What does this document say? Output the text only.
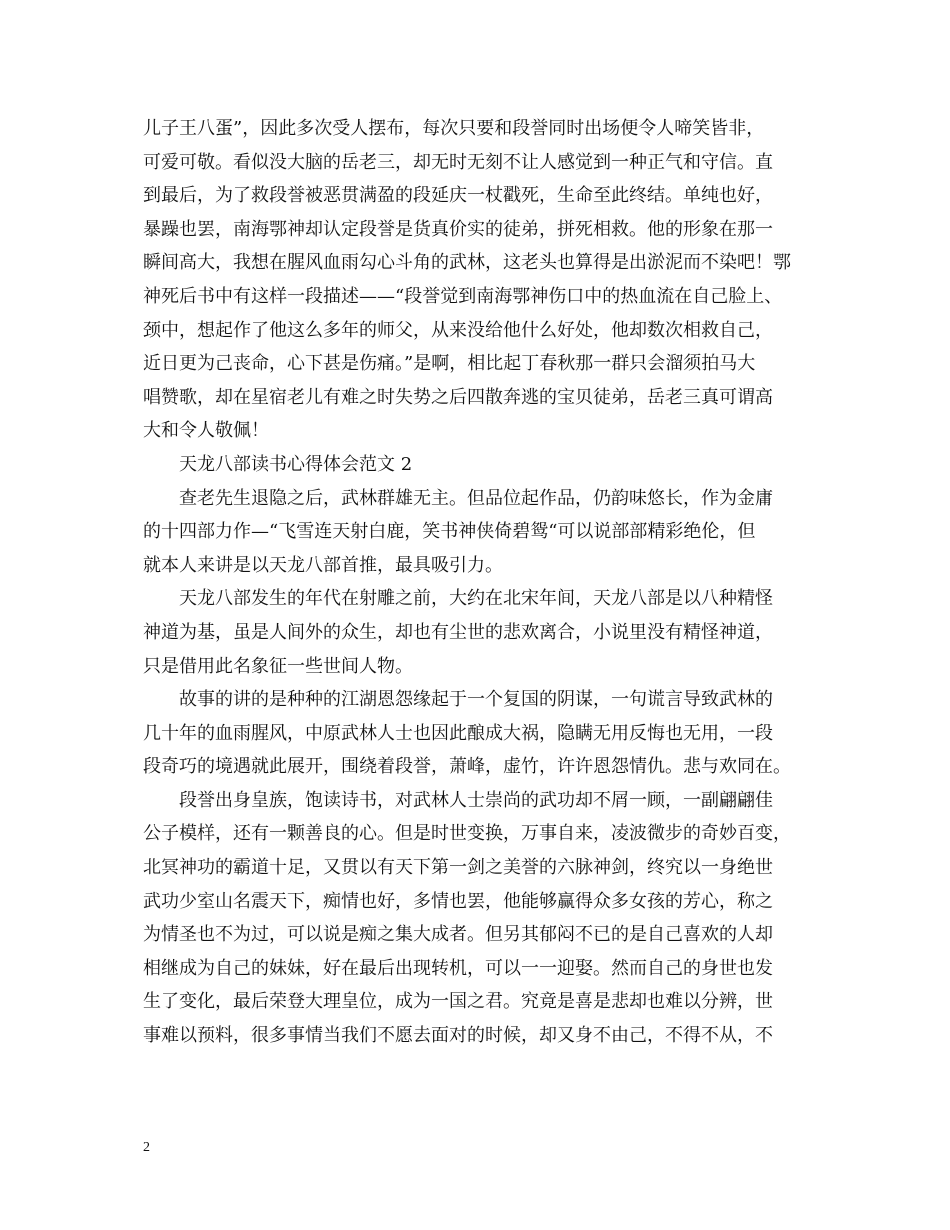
儿子王八蛋”，因此多次受人摆布，每次只要和段誉同时出场便令人啼笑皆非，
可爱可敬。看似没大脑的岳老三，却无时无刻不让人感觉到一种正气和守信。直
到最后，为了救段誉被恶贯满盈的段延庆一杖戳死，生命至此终结。单纯也好，
暴躁也罢，南海鄂神却认定段誉是货真价实的徒弟，拼死相救。他的形象在那一
瞬间高大，我想在腥风血雨勾心斗角的武林，这老头也算得是出淤泥而不染吧！鄂
神死后书中有这样一段描述——“段誉觉到南海鄂神伤口中的热血流在自己脸上、
颈中，想起作了他这么多年的师父，从来没给他什么好处，他却数次相救自己，
近日更为己丧命，心下甚是伤痛。”是啊，相比起丁春秋那一群只会溜须拍马大
唱赞歌，却在星宿老儿有难之时失势之后四散奔逃的宝贝徒弟，岳老三真可谓高
大和令人敬佩！
天龙八部读书心得体会范文 2
查老先生退隐之后，武林群雄无主。但品位起作品，仍韵味悠长，作为金庸
的十四部力作—“飞雪连天射白鹿，笑书神侠倚碧鸳“可以说部部精彩绝伦，但
就本人来讲是以天龙八部首推，最具吸引力。
天龙八部发生的年代在射雕之前，大约在北宋年间，天龙八部是以八种精怪
神道为基，虽是人间外的众生，却也有尘世的悲欢离合，小说里没有精怪神道，
只是借用此名象征一些世间人物。
故事的讲的是种种的江湖恩怨缘起于一个复国的阴谋，一句谎言导致武林的
几十年的血雨腥风，中原武林人士也因此酿成大祸，隐瞒无用反悔也无用，一段
段奇巧的境遇就此展开，围绕着段誉，萧峰，虚竹，许许恩怨情仇。悲与欢同在。
段誉出身皇族，饱读诗书，对武林人士崇尚的武功却不屑一顾，一副翩翩佳
公子模样，还有一颗善良的心。但是时世变换，万事自来，凌波微步的奇妙百变，
北冥神功的霸道十足，又贯以有天下第一剑之美誉的六脉神剑，终究以一身绝世
武功少室山名震天下，痴情也好，多情也罢，他能够赢得众多女孩的芳心，称之
为情圣也不为过，可以说是痴之集大成者。但另其郁闷不已的是自己喜欢的人却
相继成为自己的妹妹，好在最后出现转机，可以一一迎娶。然而自己的身世也发
生了变化，最后荣登大理皇位，成为一国之君。究竟是喜是悲却也难以分辨，世
事难以预料，很多事情当我们不愿去面对的时候，却又身不由己，不得不从，不
2
